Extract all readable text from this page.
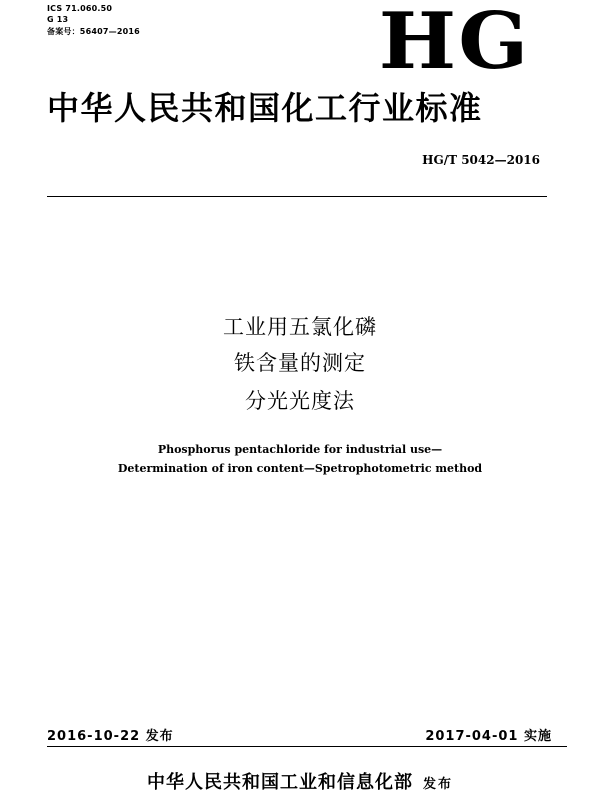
ICS 71.060.50
G 13
备案号：56407—2016	HG
中华人民共和国化工行业标准
HG/T 5042—2016
工业用五氯化磷
铁含量的测定
分光光度法
Phosphorus pentachloride for industrial use—
Determination of iron content—Spetrophotometric method
2016-10-22 发布	2017-04-01 实施
中华人民共和国工业和信息化部 发布
